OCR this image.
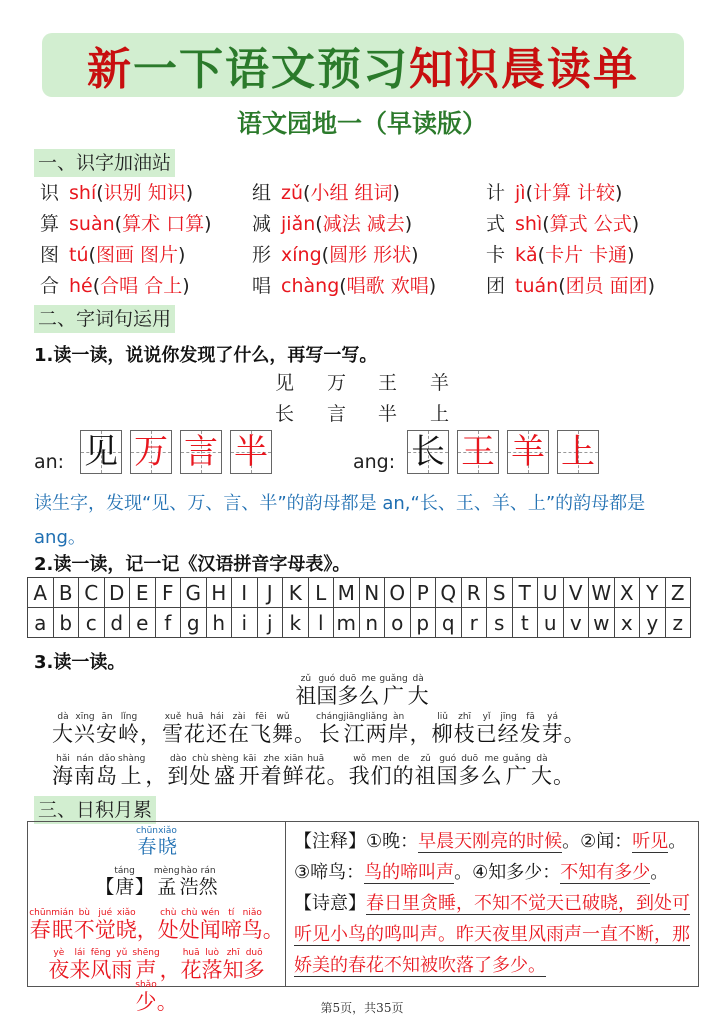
新一下语文预习知识晨读单
语文园地一（早读版）
一、识字加油站
识 shí(识别 知识)	组 zǔ(小组 组词)	计 jì(计算 计较)
算 suàn(算术 口算) 减 jiǎn(减法 减去)	式 shì(算式 公式)
图 tú(图画 图片)	形 xíng(圆形 形状)	卡 kǎ(卡片 卡通)
合 hé(合唱 合上)	唱 chàng(唱歌 欢唱)	团 tuán(团员 面团)
二、字词句运用
1.读一读，说说你发现了什么，再写一写。
见 万 王 羊
长 言 半 上
an: 见 万 言 半	ang: 长 王 羊 上
读生字，发现“见、万、言、半”的韵母都是 an,“长、王、羊、上”的韵母都是 ang。
2.读一读，记一记《汉语拼音字母表》。
A	B	C	D	E	F	G	H	I	J	K	L	M	N	O	P	Q	R	S	T	U	V	W	X	Y	Z
a	b	c	d	e	f	g	h	i	j	k	l	m	n	o	p	q	r	s	t	u	v	w	x	y	z
3.读一读。
祖zǔ国guó多duō么me广guǎng大dà
大dà兴xīng安ān岭lǐng， 雪xuě花huā还hái在zài飞fēi舞wǔ。 长cháng江jiāng两liǎng岸àn， 柳liǔ枝zhī已yǐ经jīng发fā芽yá。
海hǎi南nán岛dǎo上shàng， 到dào处chù盛shèng开kāi着zhe鲜xiān花huā。 我wǒ们men的de祖zǔ国guó多duō么me广guǎng大dà。
三、日积月累
春chūn晓xiǎo
【 唐táng】 孟mèng浩hào然rán
春chūn眠mián不bù觉jué晓xiǎo， 处chù处chù闻wén啼tí鸟niǎo。
夜yè来lái风fēng雨yǔ声shēng， 花huā落luò知zhī多duō少shǎo。
【注释】①晚：早晨天刚亮的时候。②闻：听见。③啼鸟：鸟的啼叫声。④知多少：不知有多少。
【诗意】春日里贪睡，不知不觉天已破晓，到处可听见小鸟的鸣叫声。昨天夜里风雨声一直不断，那娇美的春花不知被吹落了多少。
第5页，共35页
